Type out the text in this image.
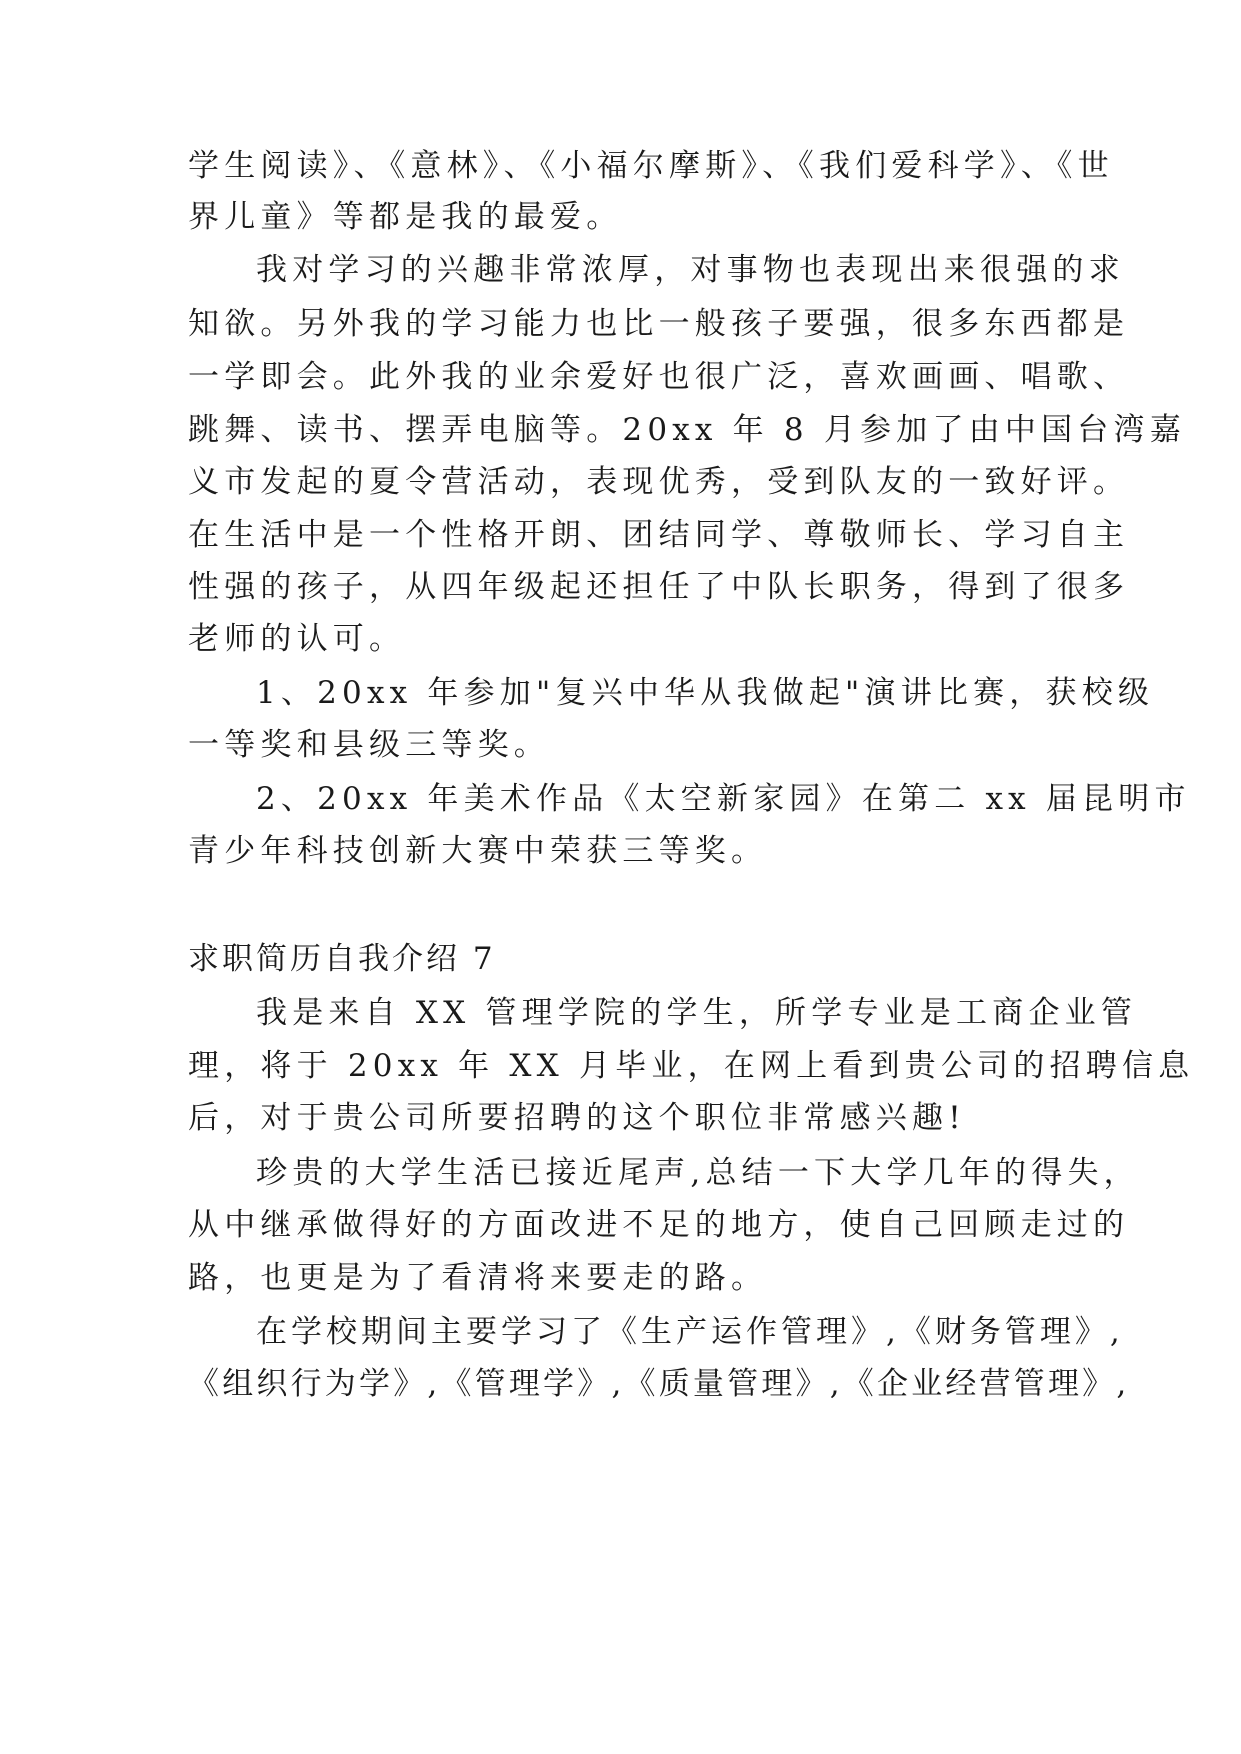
学生阅读》、《意林》、《小福尔摩斯》、《我们爱科学》、《世
界儿童》等都是我的最爱。
我对学习的兴趣非常浓厚，对事物也表现出来很强的求
知欲。另外我的学习能力也比一般孩子要强，很多东西都是
一学即会。此外我的业余爱好也很广泛，喜欢画画、唱歌、
跳舞、读书、摆弄电脑等。20xx 年 8 月参加了由中国台湾嘉
义市发起的夏令营活动，表现优秀，受到队友的一致好评。
在生活中是一个性格开朗、团结同学、尊敬师长、学习自主
性强的孩子，从四年级起还担任了中队长职务，得到了很多
老师的认可。
1、20xx 年参加"复兴中华从我做起"演讲比赛，获校级
一等奖和县级三等奖。
2、20xx 年美术作品《太空新家园》在第二 xx 届昆明市
青少年科技创新大赛中荣获三等奖。
求职简历自我介绍 7
我是来自 XX 管理学院的学生，所学专业是工商企业管
理，将于 20xx 年 XX 月毕业，在网上看到贵公司的招聘信息
后，对于贵公司所要招聘的这个职位非常感兴趣!
珍贵的大学生活已接近尾声,总结一下大学几年的得失，
从中继承做得好的方面改进不足的地方，使自己回顾走过的
路，也更是为了看清将来要走的路。
在学校期间主要学习了《生产运作管理》,《财务管理》,
《组织行为学》,《管理学》,《质量管理》,《企业经营管理》,
